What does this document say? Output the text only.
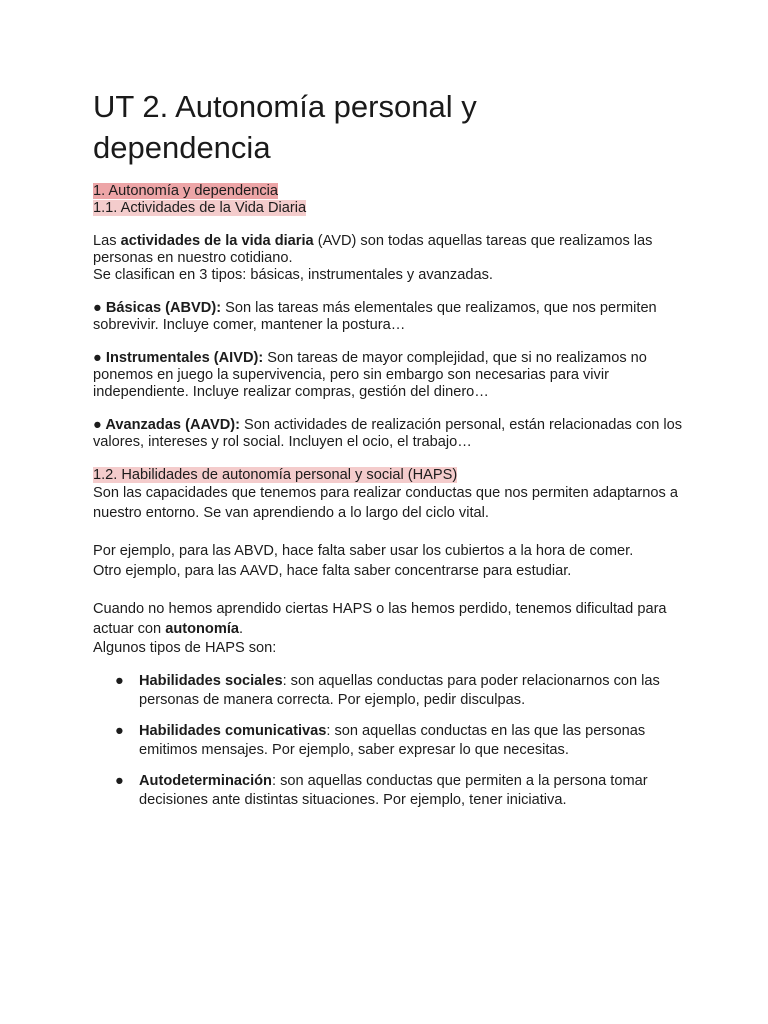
UT 2. Autonomía personal y dependencia
1. Autonomía y dependencia
1.1. Actividades de la Vida Diaria

Las actividades de la vida diaria (AVD) son todas aquellas tareas que realizamos las personas en nuestro cotidiano.
Se clasifican en 3 tipos: básicas, instrumentales y avanzadas.

● Básicas (ABVD): Son las tareas más elementales que realizamos, que nos permiten sobrevivir. Incluye comer, mantener la postura…

● Instrumentales (AIVD): Son tareas de mayor complejidad, que si no realizamos no ponemos en juego la supervivencia, pero sin embargo son necesarias para vivir independiente. Incluye realizar compras, gestión del dinero…

● Avanzadas (AAVD): Son actividades de realización personal, están relacionadas con los valores, intereses y rol social. Incluyen el ocio, el trabajo…

1.2. Habilidades de autonomía personal y social (HAPS)

Son las capacidades que tenemos para realizar conductas que nos permiten adaptarnos a nuestro entorno. Se van aprendiendo a lo largo del ciclo vital.

Por ejemplo, para las ABVD, hace falta saber usar los cubiertos a la hora de comer.
Otro ejemplo, para las AAVD, hace falta saber concentrarse para estudiar.

Cuando no hemos aprendido ciertas HAPS o las hemos perdido, tenemos dificultad para actuar con autonomía.
Algunos tipos de HAPS son:

● Habilidades sociales: son aquellas conductas para poder relacionarnos con las personas de manera correcta. Por ejemplo, pedir disculpas.
● Habilidades comunicativas: son aquellas conductas en las que las personas emitimos mensajes. Por ejemplo, saber expresar lo que necesitas.
● Autodeterminación: son aquellas conductas que permiten a la persona tomar decisiones ante distintas situaciones. Por ejemplo, tener iniciativa.
